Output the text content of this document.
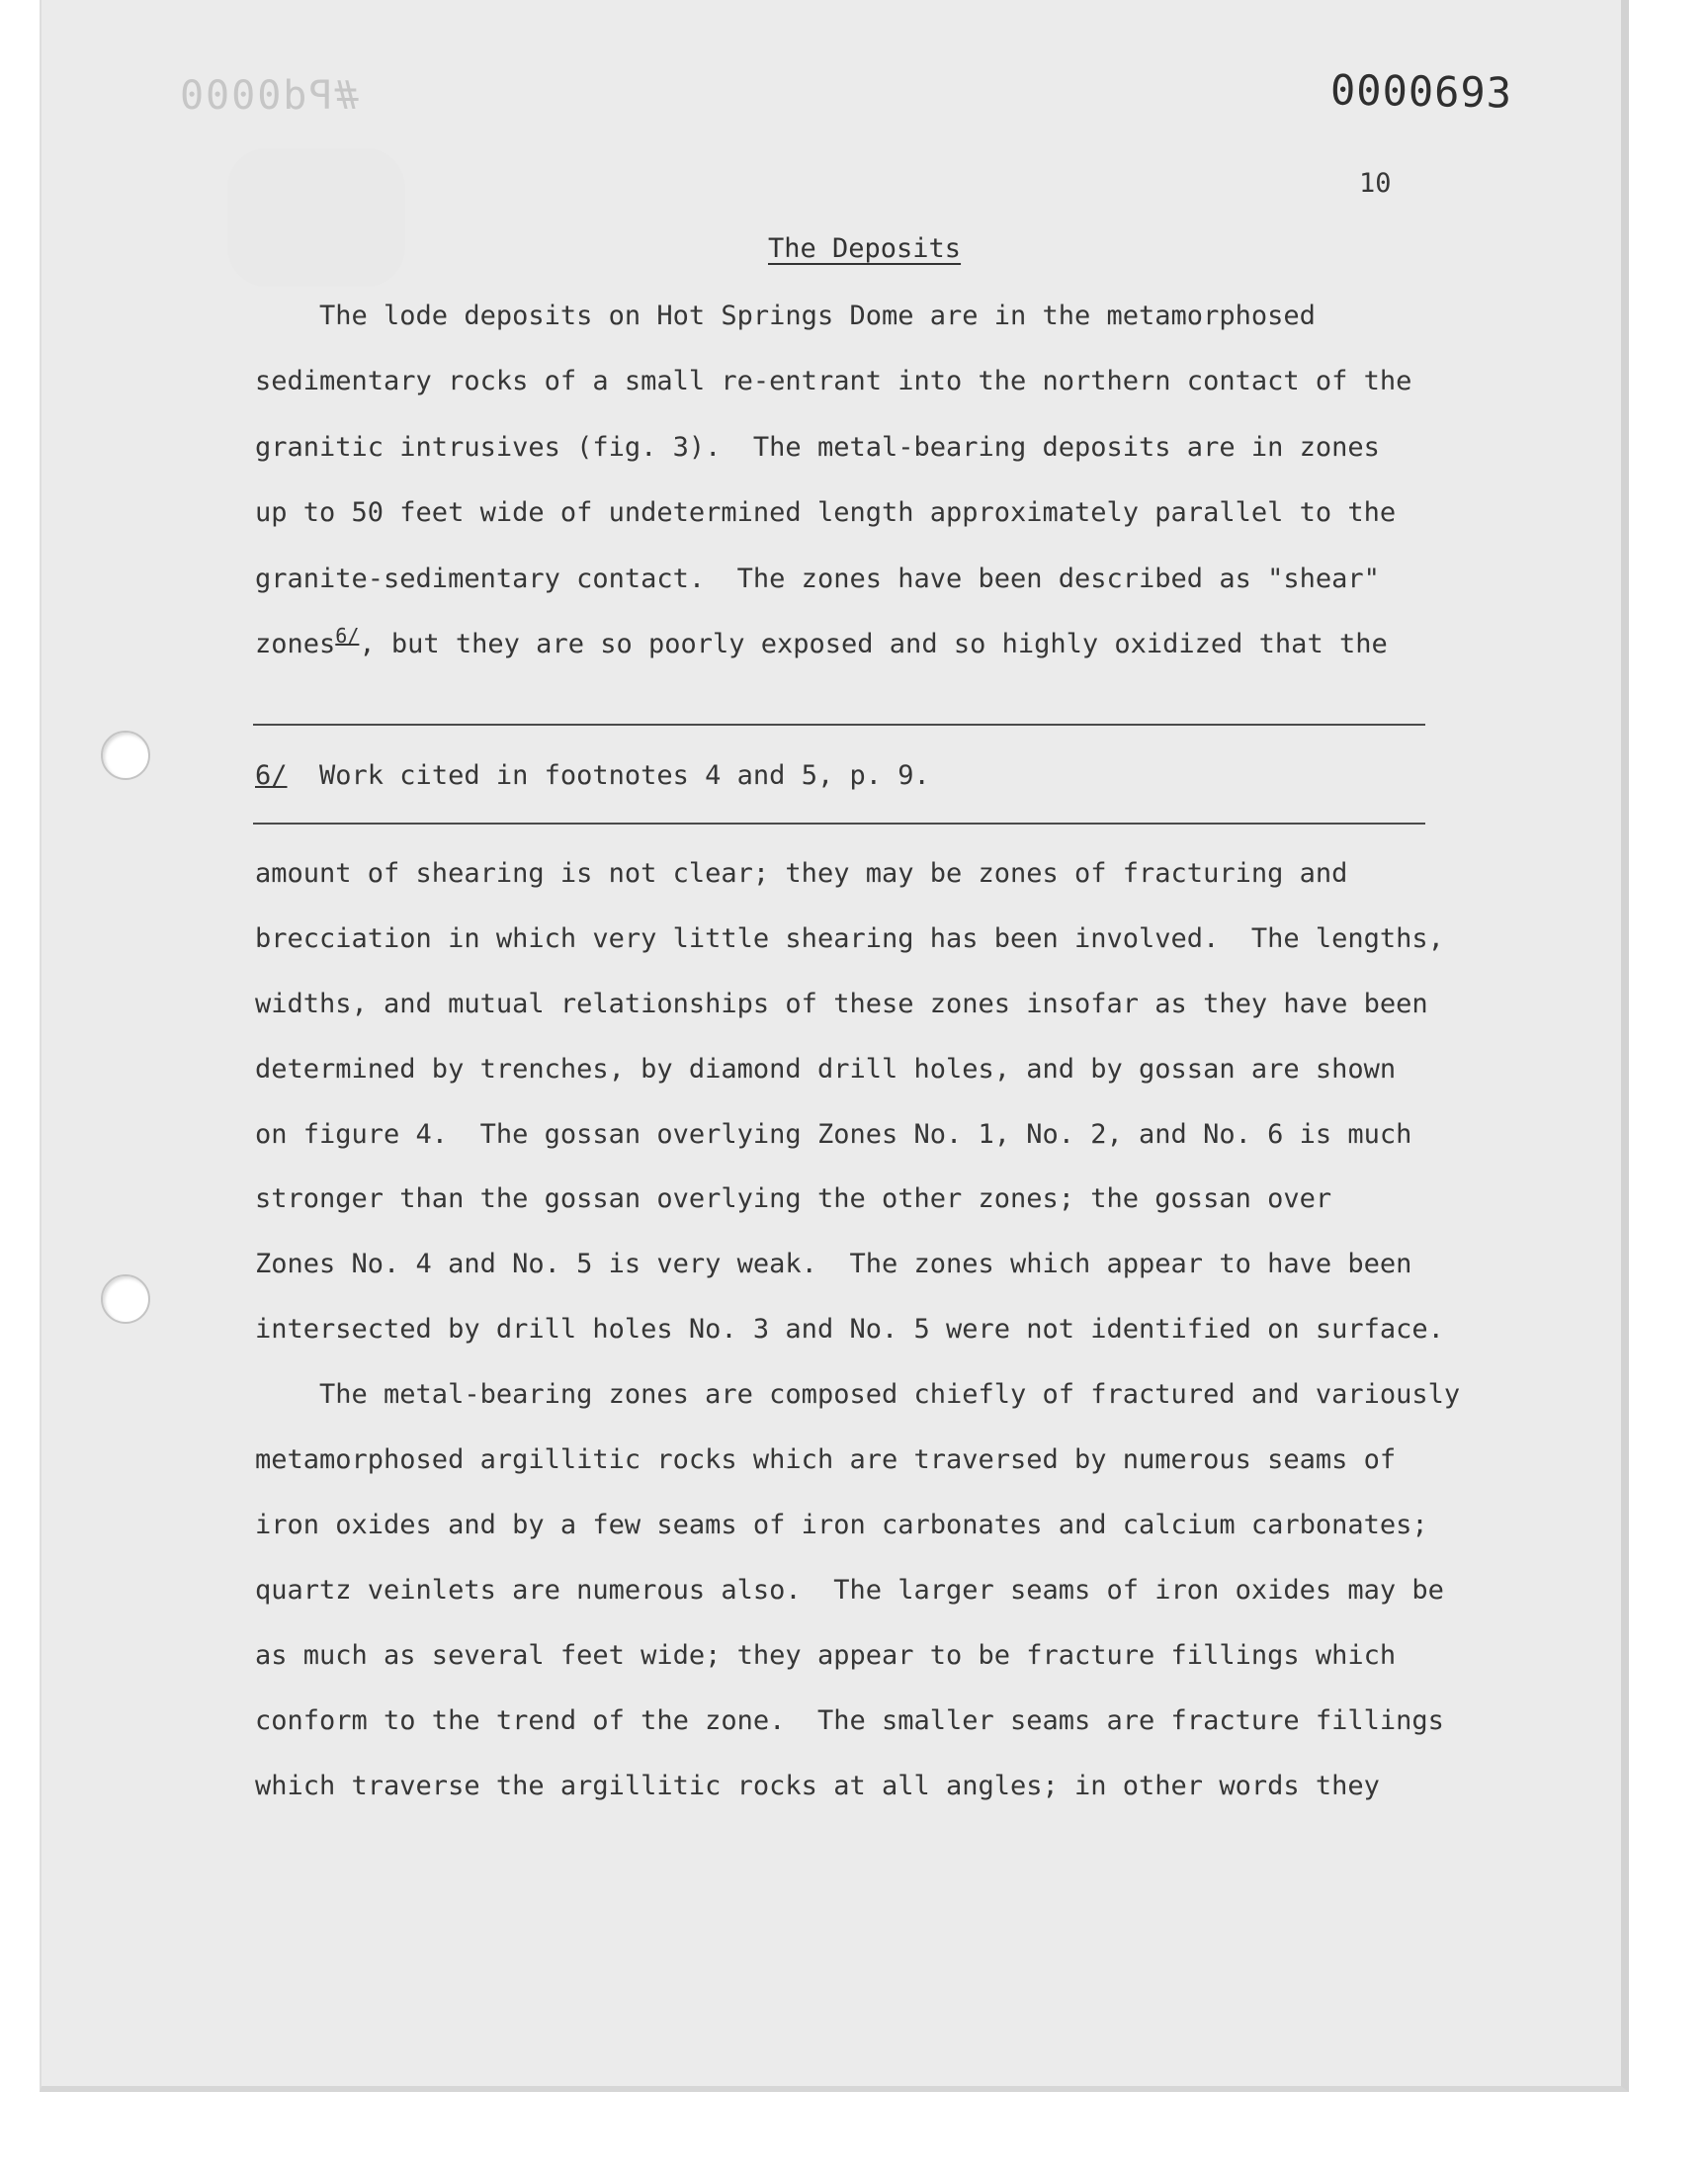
#Pd0000	0000693
10
The Deposits
The lode deposits on Hot Springs Dome are in the metamorphosed
sedimentary rocks of a small re-entrant into the northern contact of the
granitic intrusives (fig. 3).  The metal-bearing deposits are in zones
up to 50 feet wide of undetermined length approximately parallel to the
granite-sedimentary contact.  The zones have been described as "shear"
zones$^{6/}$, but they are so poorly exposed and so highly oxidized that the
6/  Work cited in footnotes 4 and 5, p. 9.
amount of shearing is not clear; they may be zones of fracturing and
brecciation in which very little shearing has been involved.  The lengths,
widths, and mutual relationships of these zones insofar as they have been
determined by trenches, by diamond drill holes, and by gossan are shown
on figure 4.  The gossan overlying Zones No. 1, No. 2, and No. 6 is much
stronger than the gossan overlying the other zones; the gossan over
Zones No. 4 and No. 5 is very weak.  The zones which appear to have been
intersected by drill holes No. 3 and No. 5 were not identified on surface.
The metal-bearing zones are composed chiefly of fractured and variously
metamorphosed argillitic rocks which are traversed by numerous seams of
iron oxides and by a few seams of iron carbonates and calcium carbonates;
quartz veinlets are numerous also.  The larger seams of iron oxides may be
as much as several feet wide; they appear to be fracture fillings which
conform to the trend of the zone.  The smaller seams are fracture fillings
which traverse the argillitic rocks at all angles; in other words they
